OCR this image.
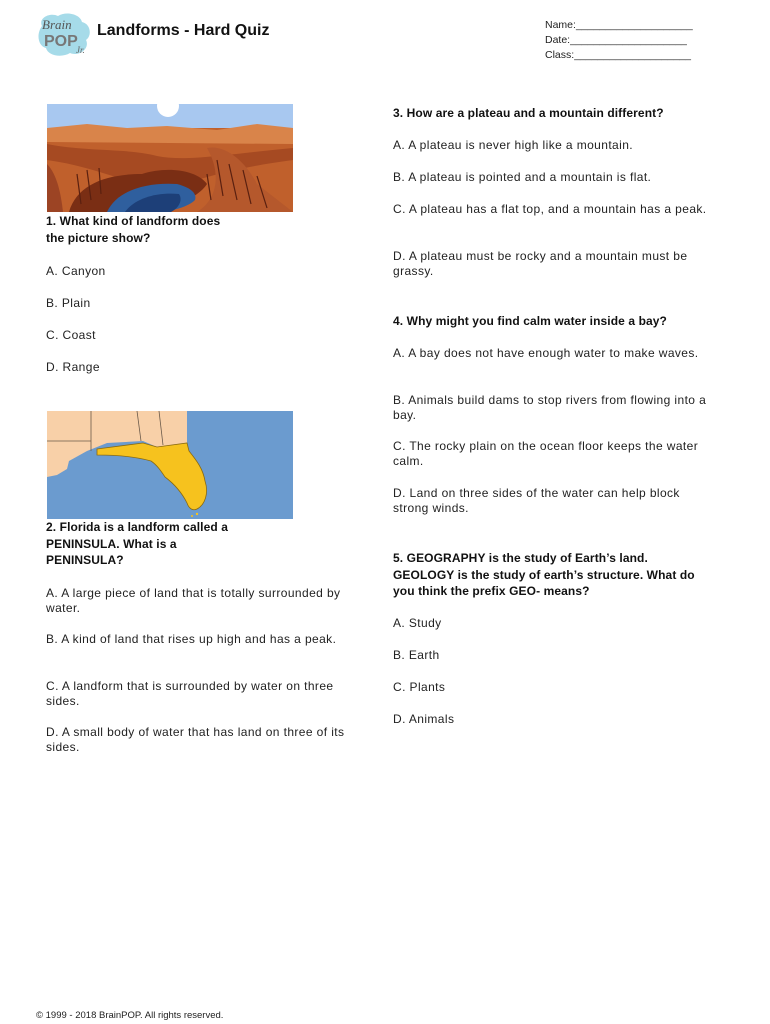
Brain
POP
Jr.
Landforms - Hard Quiz	Name:____________________
Date:____________________
Class:____________________
1. What kind of landform does the picture show?
A. Canyon
B. Plain
C. Coast
D. Range
2. Florida is a landform called a PENINSULA. What is a PENINSULA?
A. A large piece of land that is totally surrounded by water.
B. A kind of land that rises up high and has a peak.
C. A landform that is surrounded by water on three sides.
D. A small body of water that has land on three of its sides.
3. How are a plateau and a mountain different?
A. A plateau is never high like a mountain.
B. A plateau is pointed and a mountain is flat.
C. A plateau has a flat top, and a mountain has a peak.
D. A plateau must be rocky and a mountain must be grassy.
4. Why might you find calm water inside a bay?
A. A bay does not have enough water to make waves.
B. Animals build dams to stop rivers from flowing into a bay.
C. The rocky plain on the ocean floor keeps the water calm.
D. Land on three sides of the water can help block strong winds.
5. GEOGRAPHY is the study of Earth’s land. GEOLOGY is the study of earth’s structure. What do you think the prefix GEO- means?
A. Study
B. Earth
C. Plants
D. Animals
© 1999 - 2018 BrainPOP. All rights reserved.
